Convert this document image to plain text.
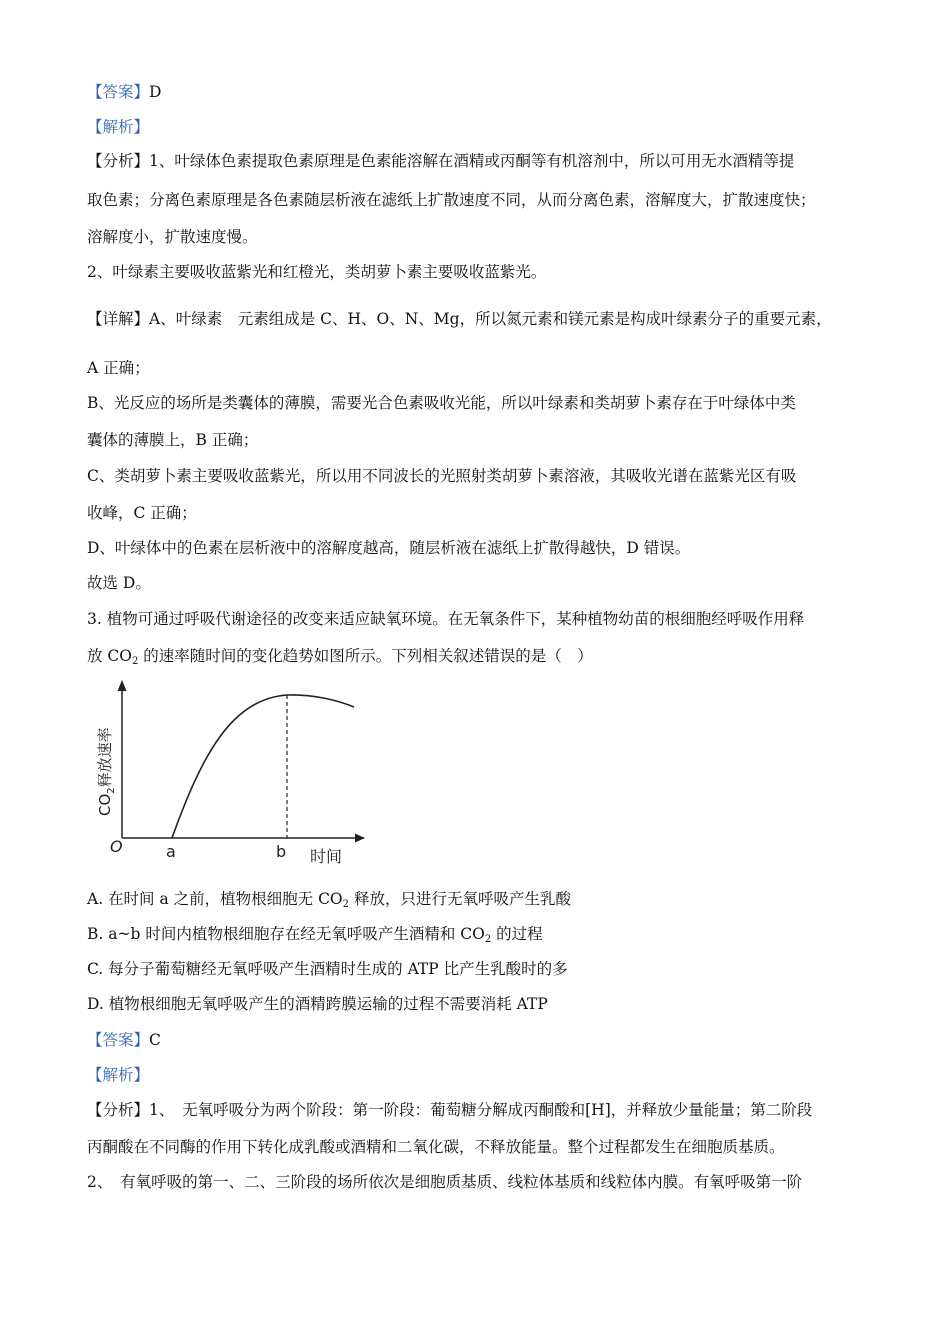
【答案】D
【解析】
【分析】1、叶绿体色素提取色素原理是色素能溶解在酒精或丙酮等有机溶剂中，所以可用无水酒精等提
取色素；分离色素原理是各色素随层析液在滤纸上扩散速度不同，从而分离色素，溶解度大，扩散速度快；
溶解度小，扩散速度慢。
2、叶绿素主要吸收蓝紫光和红橙光，类胡萝卜素主要吸收蓝紫光。
【详解】A、叶绿素　元素组成是 C、H、O、N、Mg，所以氮元素和镁元素是构成叶绿素分子的重要元素，
A 正确；
B、光反应的场所是类囊体的薄膜，需要光合色素吸收光能，所以叶绿素和类胡萝卜素存在于叶绿体中类
囊体的薄膜上，B 正确；
C、类胡萝卜素主要吸收蓝紫光，所以用不同波长的光照射类胡萝卜素溶液，其吸收光谱在蓝紫光区有吸
收峰，C 正确；
D、叶绿体中的色素在层析液中的溶解度越高，随层析液在滤纸上扩散得越快，D 错误。
故选 D。
3. 植物可通过呼吸代谢途径的改变来适应缺氧环境。在无氧条件下，某种植物幼苗的根细胞经呼吸作用释
放 $CO_2$ 的速率随时间的变化趋势如图所示。下列相关叙述错误的是（　）
O	a	b 时间
$CO_2$释放速率
A. 在时间 a 之前，植物根细胞无 $CO_2$ 释放，只进行无氧呼吸产生乳酸
B. a~b 时间内植物根细胞存在经无氧呼吸产生酒精和 $CO_2$ 的过程
C. 每分子葡萄糖经无氧呼吸产生酒精时生成的 ATP 比产生乳酸时的多
D. 植物根细胞无氧呼吸产生的酒精跨膜运输的过程不需要消耗 ATP
【答案】C
【解析】
【分析】1、　无氧呼吸分为两个阶段：第一阶段：葡萄糖分解成丙酮酸和[H]，并释放少量能量；第二阶段
丙酮酸在不同酶的作用下转化成乳酸或酒精和二氧化碳，不释放能量。整个过程都发生在细胞质基质。
2、　有氧呼吸的第一、二、三阶段的场所依次是细胞质基质、线粒体基质和线粒体内膜。有氧呼吸第一阶
